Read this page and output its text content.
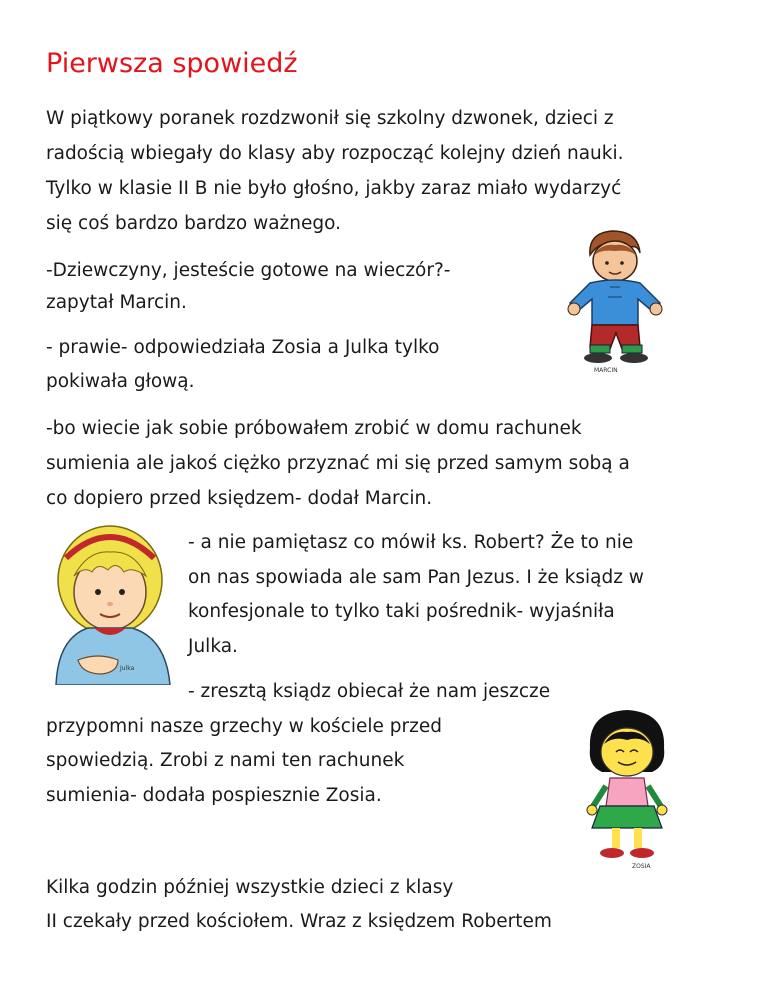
Pierwsza spowiedź
W piątkowy poranek rozdzwonił się szkolny dzwonek, dzieci z
radością wbiegały do klasy aby rozpocząć kolejny dzień nauki.
Tylko w klasie II B nie było głośno, jakby zaraz miało wydarzyć
się coś bardzo bardzo ważnego.
-Dziewczyny, jesteście gotowe na wieczór?-
zapytał Marcin.
- prawie- odpowiedziała Zosia a Julka tylko
pokiwała głową.
-bo wiecie jak sobie próbowałem zrobić w domu rachunek
sumienia ale jakoś ciężko przyznać mi się przed samym sobą a
co dopiero przed księdzem- dodał Marcin.
- a nie pamiętasz co mówił ks. Robert? Że to nie
on nas spowiada ale sam Pan Jezus. I że ksiądz w
konfesjonale to tylko taki pośrednik- wyjaśniła
Julka.
- zresztą ksiądz obiecał że nam jeszcze
przypomni nasze grzechy w kościele przed
spowiedzią. Zrobi z nami ten rachunek
sumienia- dodała pospiesznie Zosia.
Kilka godzin później wszystkie dzieci z klasy
II czekały przed kościołem. Wraz z księdzem Robertem
MARCIN
Julka
ZOSIA
